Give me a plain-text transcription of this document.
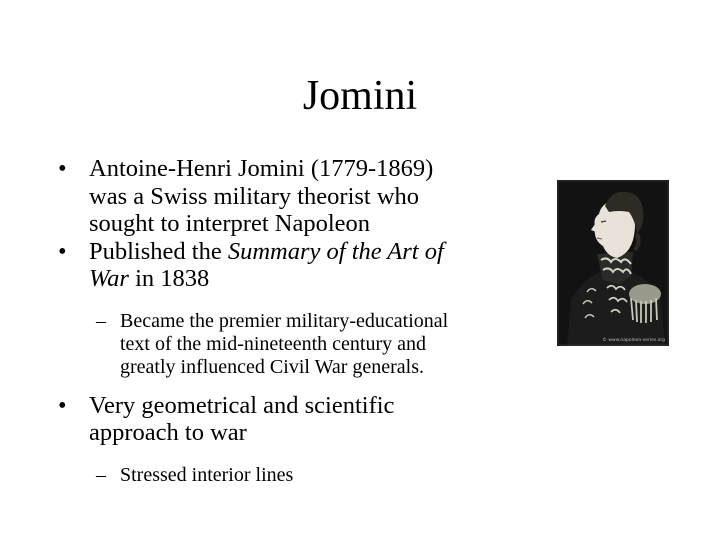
Jomini
• Antoine-Henri Jomini (1779-1869)
was a Swiss military theorist who
sought to interpret Napoleon
• Published the Summary of the Art of
War in 1838
– Became the premier military-educational
text of the mid-nineteenth century and
greatly influenced Civil War generals.
• Very geometrical and scientific
approach to war
– Stressed interior lines
© www.napoleon-series.org
